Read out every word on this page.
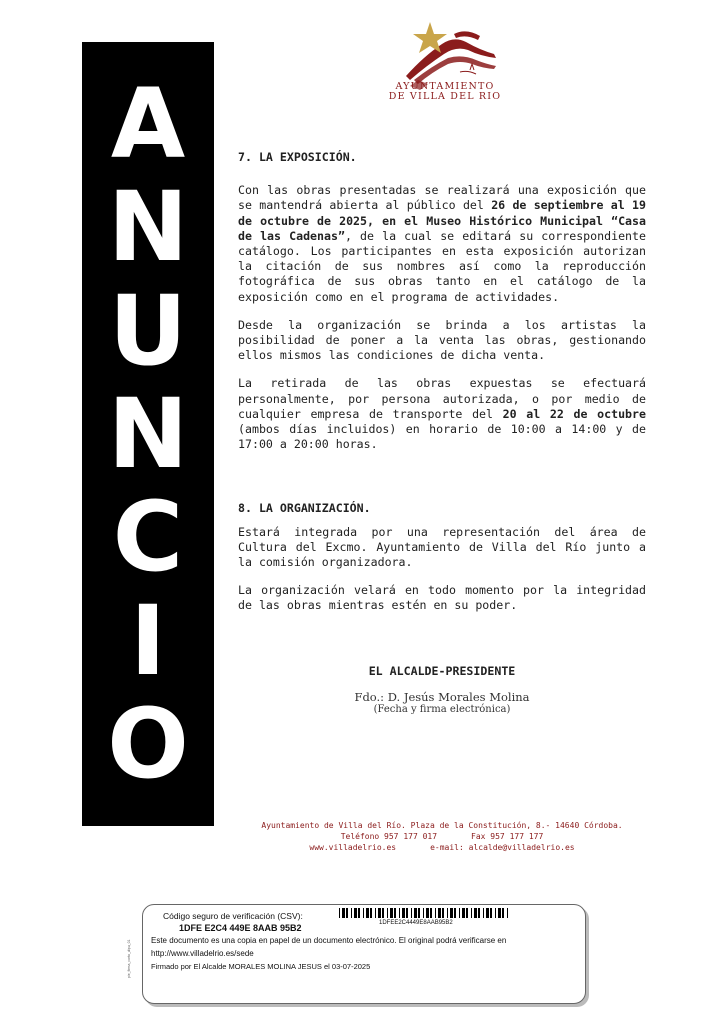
A
N
U
N
C
I
O
AYUNTAMIENTO
DE VILLA DEL RIO
7. LA EXPOSICIÓN.

Con las obras presentadas se realizará una exposición que se mantendrá abierta al público del 26 de septiembre al 19 de octubre de 2025, en el Museo Histórico Municipal “Casa de las Cadenas”, de la cual se editará su correspondiente catálogo. Los participantes en esta exposición autorizan la citación de sus nombres así como la reproducción fotográfica de sus obras tanto en el catálogo de la exposición como en el programa de actividades.

Desde la organización se brinda a los artistas la posibilidad de poner a la venta las obras, gestionando ellos mismos las condiciones de dicha venta.

La retirada de las obras expuestas se efectuará personalmente, por persona autorizada, o por medio de cualquier empresa de transporte del 20 al 22 de octubre (ambos días incluidos) en horario de 10:00 a 14:00 y de 17:00 a 20:00 horas.

8. LA ORGANIZACIÓN.

Estará integrada por una representación del área de Cultura del Excmo. Ayuntamiento de Villa del Río junto a la comisión organizadora.

La organización velará en todo momento por la integridad de las obras mientras estén en su poder.

EL ALCALDE-PRESIDENTE
Fdo.: D. Jesús Morales Molina
(Fecha y firma electrónica)
Ayuntamiento de Villa del Río. Plaza de la Constitución, 8.- 14640 Córdoba.
Teléfono 957 177 017	Fax 957 177 177
www.villadelrio.es	e-mail: alcalde@villadelrio.es
pie_firma_corto_dipu_01
Código seguro de verificación (CSV):
1DFE E2C4 449E 8AAB 95B2	1DFEE2C4449E8AAB95B2
Este documento es una copia en papel de un documento electrónico. El original podrá verificarse en
http://www.villadelrio.es/sede
Firmado por El Alcalde MORALES MOLINA JESUS el 03-07-2025
